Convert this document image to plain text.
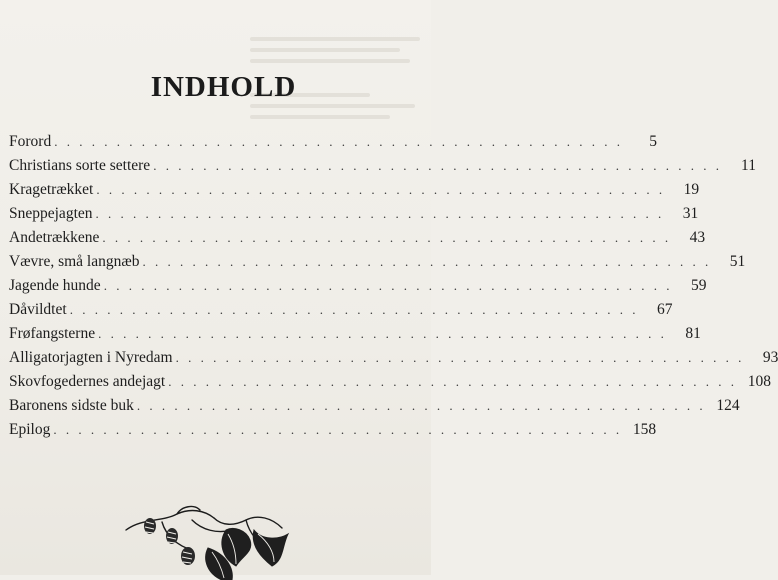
INDHOLD
Forord . . . . . . . . . . . . . . . . . . . . . . . . . . . . . . . . . . . . . . . . . . . . . .	5
Christians sorte settere . . . . . . . . . . . . . . . . . . . . . . . . . . . . . . . . . . . . . . . . . . . . . .	11
Kragetrækket . . . . . . . . . . . . . . . . . . . . . . . . . . . . . . . . . . . . . . . . . . . . . .	19
Sneppejagten . . . . . . . . . . . . . . . . . . . . . . . . . . . . . . . . . . . . . . . . . . . . . .	31
Andetrækkene . . . . . . . . . . . . . . . . . . . . . . . . . . . . . . . . . . . . . . . . . . . . . .	43
Vævre, små langnæb . . . . . . . . . . . . . . . . . . . . . . . . . . . . . . . . . . . . . . . . . . . . . .	51
Jagende hunde . . . . . . . . . . . . . . . . . . . . . . . . . . . . . . . . . . . . . . . . . . . . . .	59
Dåvildtet . . . . . . . . . . . . . . . . . . . . . . . . . . . . . . . . . . . . . . . . . . . . . .	67
Frøfangsterne . . . . . . . . . . . . . . . . . . . . . . . . . . . . . . . . . . . . . . . . . . . . . .	81
Alligatorjagten i Nyredam . . . . . . . . . . . . . . . . . . . . . . . . . . . . . . . . . . . . . . . . . . . . . .	93
Skovfogedernes andejagt . . . . . . . . . . . . . . . . . . . . . . . . . . . . . . . . . . . . . . . . . . . . . . 108
Baronens sidste buk . . . . . . . . . . . . . . . . . . . . . . . . . . . . . . . . . . . . . . . . . . . . . . 124
Epilog . . . . . . . . . . . . . . . . . . . . . . . . . . . . . . . . . . . . . . . . . . . . . . 158
